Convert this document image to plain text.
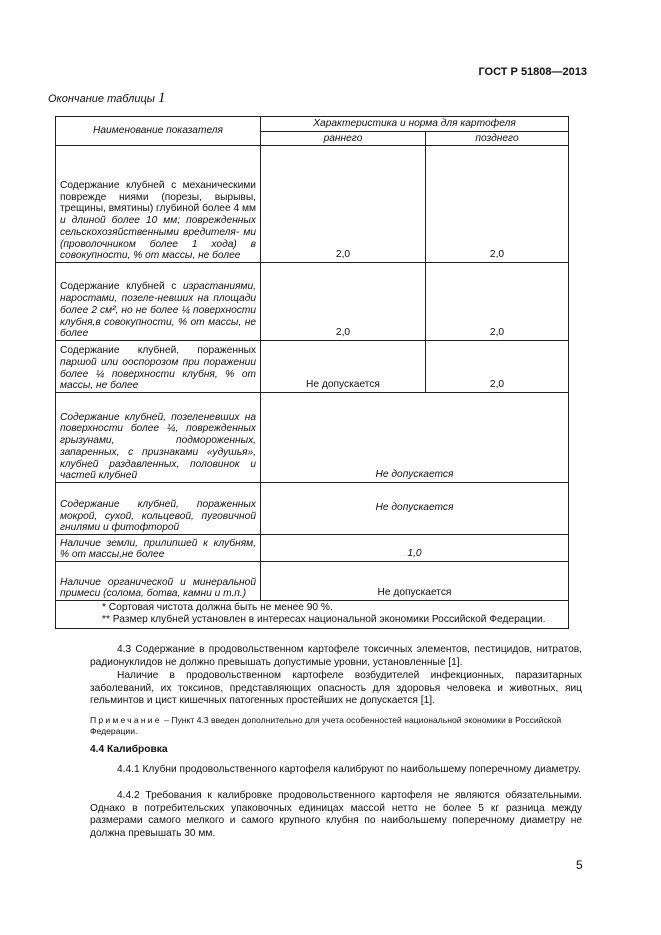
ГОСТ Р 51808—2013
Окончание таблицы 1
Наименование показателя	Характеристика и норма для картофеля	
	раннего	позднего
Содержание клубней с механическими поврежде ниями (порезы, вырывы, трещины, вмятины) глубиной более 4 мм и длиной более 10 мм; поврежденных сельскохозяйственными вредителя- ми (проволочником более 1 хода) в совокупности, % от массы, не более	2,0	2,0
Содержание клубней с израстаниями, наростами, позеле-невших на площади более 2 см², но не более ¼ поверхности клубня,в совокупности, % от массы, не более	2,0	2,0
Содержание клубней, пораженных паршой или ооспорозом при поражении более ¼ поверхности клубня, % от массы, не более	Не допускается	2,0
Содержание клубней, позеленевших на поверхности более ¼, поврежденных грызунами, подмороженных, запаренных, с признаками «удушья», клубней раздавленных, половинок и частей клубней	Не допускается	
Содержание клубней, пораженных мокрой, сухой, кольцевой, пуговичной гнилями и фитофторой	Не допускается	
Наличие земли, прилипшей к клубням, % от массы,не более	1,0	
Наличие органической и минеральной примеси (солома, ботва, камни и т.п.)	Не допускается	

* Сортовая чистота должна быть не менее 90 %.
** Размер клубней установлен в интересах национальной экономики Российской Федерации.		
4.3 Содержание в продовольственном картофеле токсичных элементов, пестицидов, нитратов, радионуклидов не должно превышать допустимые уровни, установленные [1].
Наличие в продовольственном картофеле возбудителей инфекционных, паразитарных заболеваний, их токсинов, представляющих опасность для здоровья человека и животных, яиц гельминтов и цист кишечных патогенных простейших не допускается [1].
Примечание – Пункт 4.3 введен дополнительно для учета особенностей национальной экономики в Российской Федерации.
4.4 Калибровка
4.4.1 Клубни продовольственного картофеля калибруют по наибольшему поперечному диаметру.
4.4.2 Требования к калибровке продовольственного картофеля не являются обязательными. Однако в потребительских упаковочных единицах массой нетто не более 5 кг разница между размерами самого мелкого и самого крупного клубня по наибольшему поперечному диаметру не должна превышать 30 мм.
5
